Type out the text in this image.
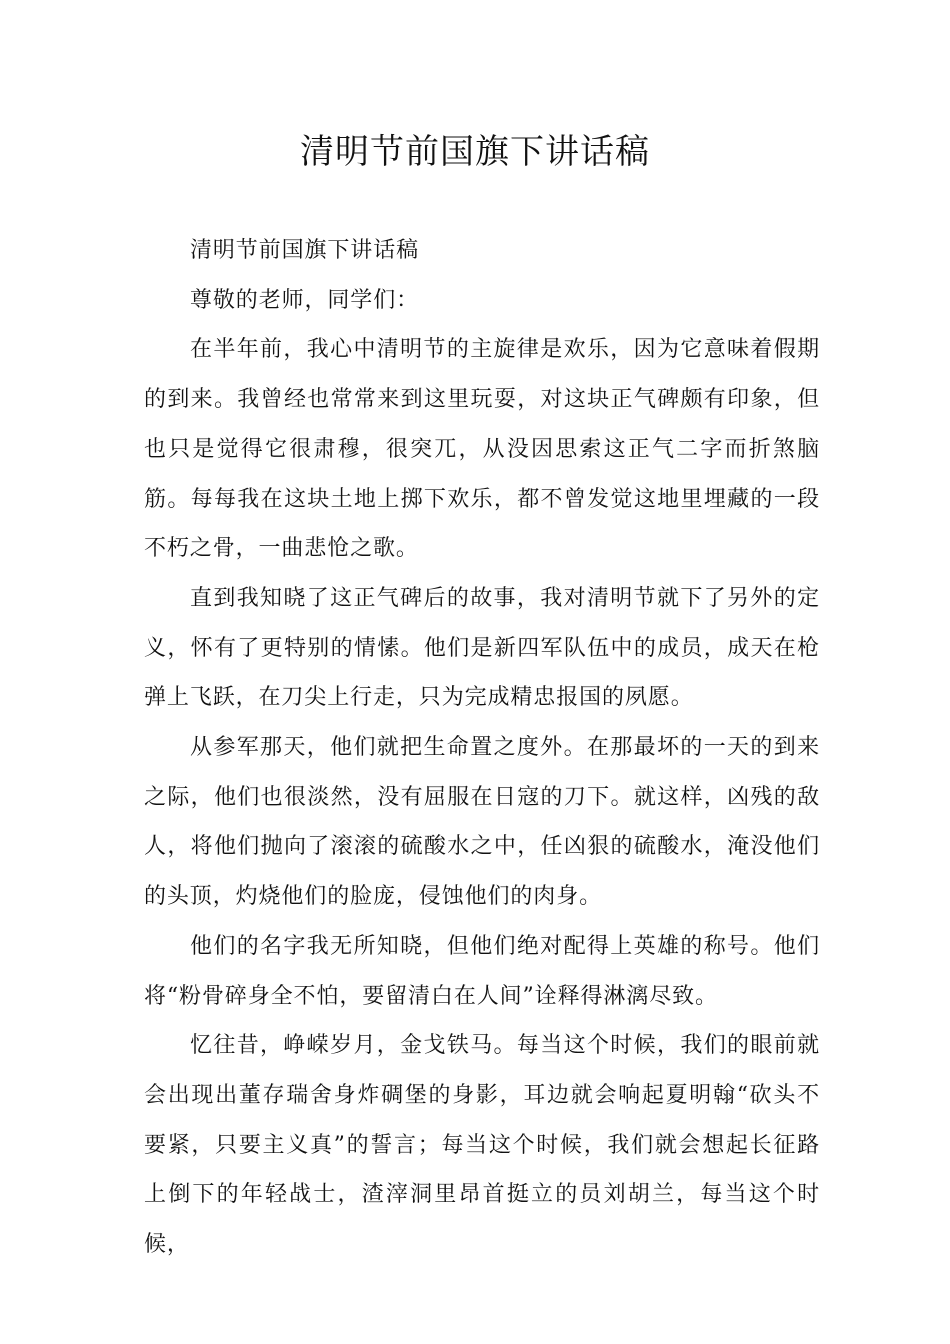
清明节前国旗下讲话稿

清明节前国旗下讲话稿

尊敬的老师，同学们：

在半年前，我心中清明节的主旋律是欢乐，因为它意味着假期的到来。我曾经也常常来到这里玩耍，对这块正气碑颇有印象，但也只是觉得它很肃穆，很突兀，从没因思索这正气二字而折煞脑筋。每每我在这块土地上掷下欢乐，都不曾发觉这地里埋藏的一段不朽之骨，一曲悲怆之歌。

直到我知晓了这正气碑后的故事，我对清明节就下了另外的定义，怀有了更特别的情愫。他们是新四军队伍中的成员，成天在枪弹上飞跃，在刀尖上行走，只为完成精忠报国的夙愿。

从参军那天，他们就把生命置之度外。在那最坏的一天的到来之际，他们也很淡然，没有屈服在日寇的刀下。就这样，凶残的敌人，将他们抛向了滚滚的硫酸水之中，任凶狠的硫酸水，淹没他们的头顶，灼烧他们的脸庞，侵蚀他们的肉身。

他们的名字我无所知晓，但他们绝对配得上英雄的称号。他们将“粉骨碎身全不怕，要留清白在人间”诠释得淋漓尽致。

忆往昔，峥嵘岁月，金戈铁马。每当这个时候，我们的眼前就会出现出董存瑞舍身炸碉堡的身影，耳边就会响起夏明翰“砍头不要紧，只要主义真”的誓言；每当这个时候，我们就会想起长征路上倒下的年轻战士，渣滓洞里昂首挺立的员刘胡兰，每当这个时候，
